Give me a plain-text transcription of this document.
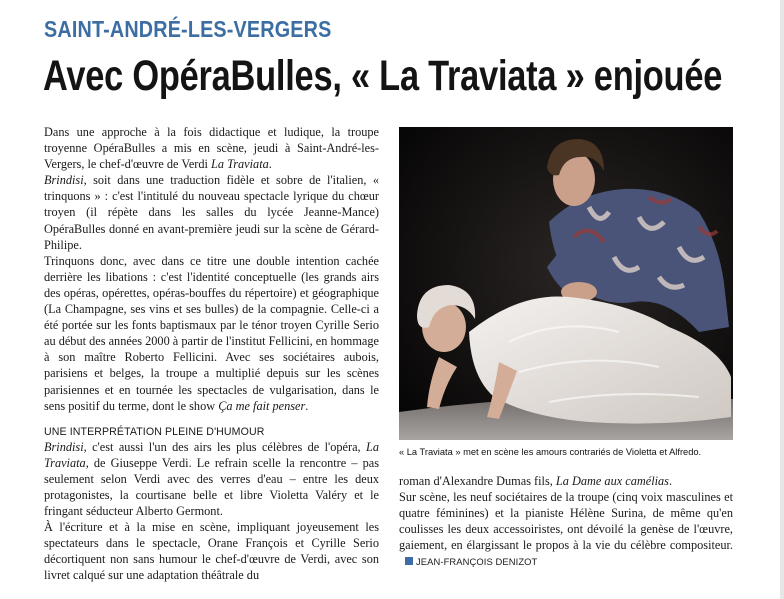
SAINT-ANDRÉ-LES-VERGERS
Avec OpéraBulles, « La Traviata » enjouée

Dans une approche à la fois didactique et ludique, la troupe troyenne OpéraBulles a mis en scène, jeudi à Saint-André-les-Vergers, le chef-d'œuvre de Verdi La Traviata.

Brindisi, soit dans une traduction fidèle et sobre de l'italien, « trinquons » : c'est l'intitulé du nouveau spectacle lyrique du chœur troyen (il répète dans les salles du lycée Jeanne-Mance) OpéraBulles donné en avant-première jeudi sur la scène de Gérard-Philipe.

Trinquons donc, avec dans ce titre une double intention cachée derrière les libations : c'est l'identité conceptuelle (les grands airs des opéras, opérettes, opéras-bouffes du répertoire) et géographique (La Champagne, ses vins et ses bulles) de la compagnie. Celle-ci a été portée sur les fonts baptismaux par le ténor troyen Cyrille Serio au début des années 2000 à partir de l'institut Fellicini, en hommage à son maître Roberto Fellicini. Avec ses sociétaires aubois, parisiens et belges, la troupe a multiplié depuis sur les scènes parisiennes et en tournée les spectacles de vulgarisation, dans le sens positif du terme, dont le show Ça me fait penser.

UNE INTERPRÉTATION PLEINE D'HUMOUR

Brindisi, c'est aussi l'un des airs les plus célèbres de l'opéra, La Traviata, de Giuseppe Verdi. Le refrain scelle la rencontre – pas seulement selon Verdi avec des verres d'eau – entre les deux protagonistes, la courtisane belle et libre Violetta Valéry et le fringant séducteur Alberto Germont.

À l'écriture et à la mise en scène, impliquant joyeusement les spectateurs dans le spectacle, Orane François et Cyrille Serio décortiquent non sans humour le chef-d'œuvre de Verdi, avec son livret calqué sur une adaptation théâtrale du

« La Traviata » met en scène les amours contrariés de Violetta et Alfredo.

roman d'Alexandre Dumas fils, La Dame aux camélias.

Sur scène, les neuf sociétaires de la troupe (cinq voix masculines et quatre féminines) et la pianiste Hélène Surina, de même qu'en coulisses les deux accessoiristes, ont dévoilé la genèse de l'œuvre, gaiement, en élargissant le propos à la vie du célèbre compositeur.JEAN-FRANÇOIS DENIZOT
